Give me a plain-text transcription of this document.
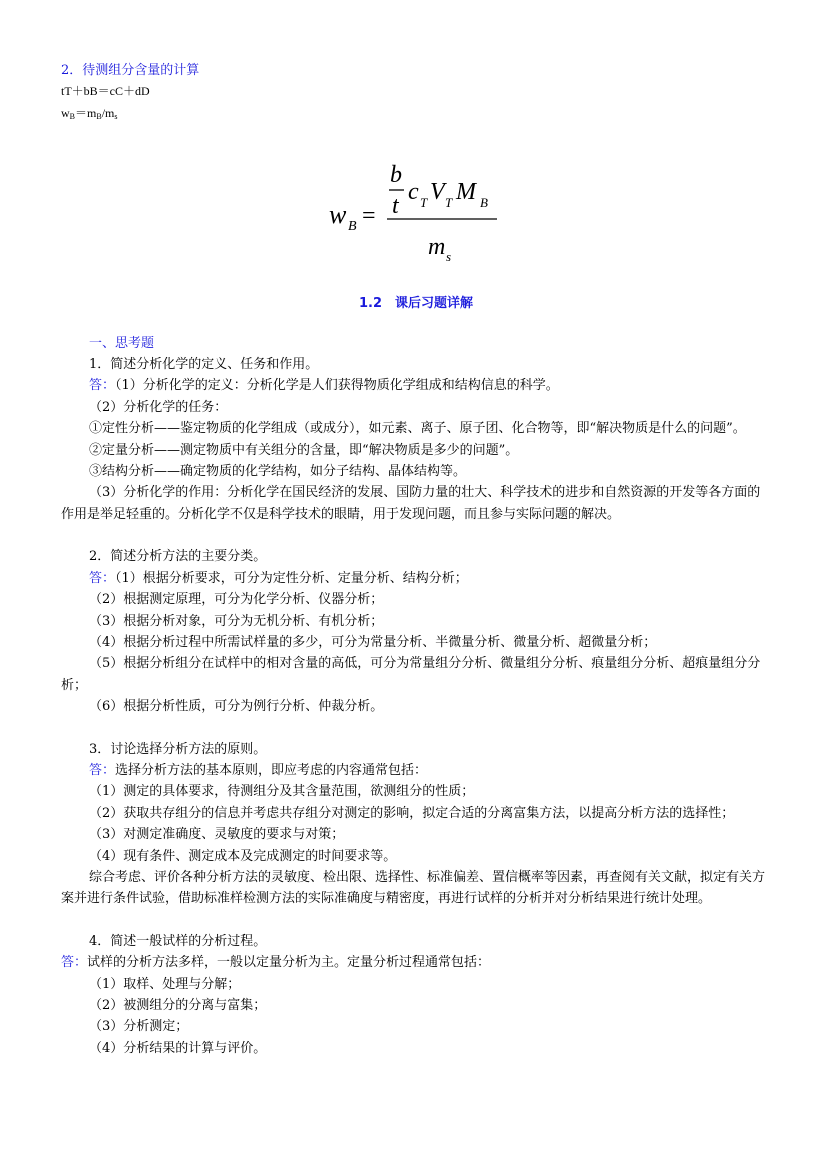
2．待测组分含量的计算
tT＋bB＝cC＋dD
$w_B=m_B/m_s$
w B =
b
t
c T V T M B
m s
1.2　课后习题详解
一、思考题
1．简述分析化学的定义、任务和作用。
答：（1）分析化学的定义：分析化学是人们获得物质化学组成和结构信息的科学。
（2）分析化学的任务：
①定性分析——鉴定物质的化学组成（或成分），如元素、离子、原子团、化合物等，即“解决物质是什么的问题”。
②定量分析——测定物质中有关组分的含量，即“解决物质是多少的问题”。
③结构分析——确定物质的化学结构，如分子结构、晶体结构等。
（3）分析化学的作用：分析化学在国民经济的发展、国防力量的壮大、科学技术的进步和自然资源的开发等各方面的作用是举足轻重的。分析化学不仅是科学技术的眼睛，用于发现问题，而且参与实际问题的解决。
2．简述分析方法的主要分类。
答：（1）根据分析要求，可分为定性分析、定量分析、结构分析；
（2）根据测定原理，可分为化学分析、仪器分析；
（3）根据分析对象，可分为无机分析、有机分析；
（4）根据分析过程中所需试样量的多少，可分为常量分析、半微量分析、微量分析、超微量分析；
（5）根据分析组分在试样中的相对含量的高低，可分为常量组分分析、微量组分分析、痕量组分分析、超痕量组分分析；
（6）根据分析性质，可分为例行分析、仲裁分析。
3．讨论选择分析方法的原则。
答：选择分析方法的基本原则，即应考虑的内容通常包括：
（1）测定的具体要求，待测组分及其含量范围，欲测组分的性质；
（2）获取共存组分的信息并考虑共存组分对测定的影响，拟定合适的分离富集方法，以提高分析方法的选择性；
（3）对测定准确度、灵敏度的要求与对策；
（4）现有条件、测定成本及完成测定的时间要求等。
综合考虑、评价各种分析方法的灵敏度、检出限、选择性、标准偏差、置信概率等因素，再查阅有关文献，拟定有关方案并进行条件试验，借助标准样检测方法的实际准确度与精密度，再进行试样的分析并对分析结果进行统计处理。
4．简述一般试样的分析过程。
答：试样的分析方法多样，一般以定量分析为主。定量分析过程通常包括：
（1）取样、处理与分解；
（2）被测组分的分离与富集；
（3）分析测定；
（4）分析结果的计算与评价。
